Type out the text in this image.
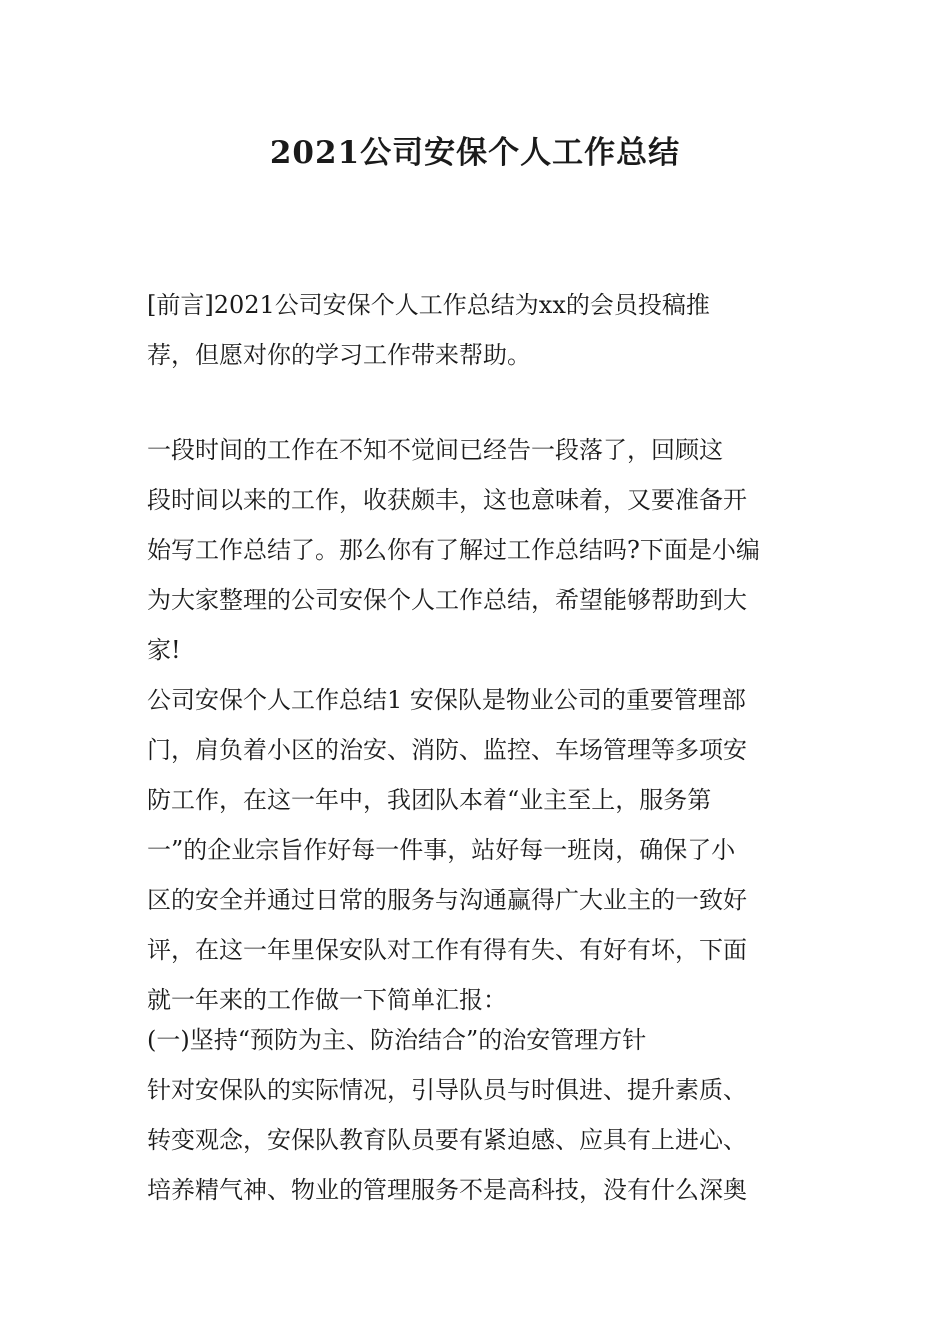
2021公司安保个人工作总结
[前言]2021公司安保个人工作总结为xx的会员投稿推
荐，但愿对你的学习工作带来帮助。
一段时间的工作在不知不觉间已经告一段落了，回顾这
段时间以来的工作，收获颇丰，这也意味着，又要准备开
始写工作总结了。那么你有了解过工作总结吗?下面是小编
为大家整理的公司安保个人工作总结，希望能够帮助到大
家!
公司安保个人工作总结1 安保队是物业公司的重要管理部
门，肩负着小区的治安、消防、监控、车场管理等多项安
防工作，在这一年中，我团队本着“业主至上，服务第
一”的企业宗旨作好每一件事，站好每一班岗，确保了小
区的安全并通过日常的服务与沟通赢得广大业主的一致好
评，在这一年里保安队对工作有得有失、有好有坏，下面
就一年来的工作做一下简单汇报：
(一)坚持“预防为主、防治结合”的治安管理方针
针对安保队的实际情况，引导队员与时俱进、提升素质、
转变观念，安保队教育队员要有紧迫感、应具有上进心、
培养精气神、物业的管理服务不是高科技，没有什么深奥
